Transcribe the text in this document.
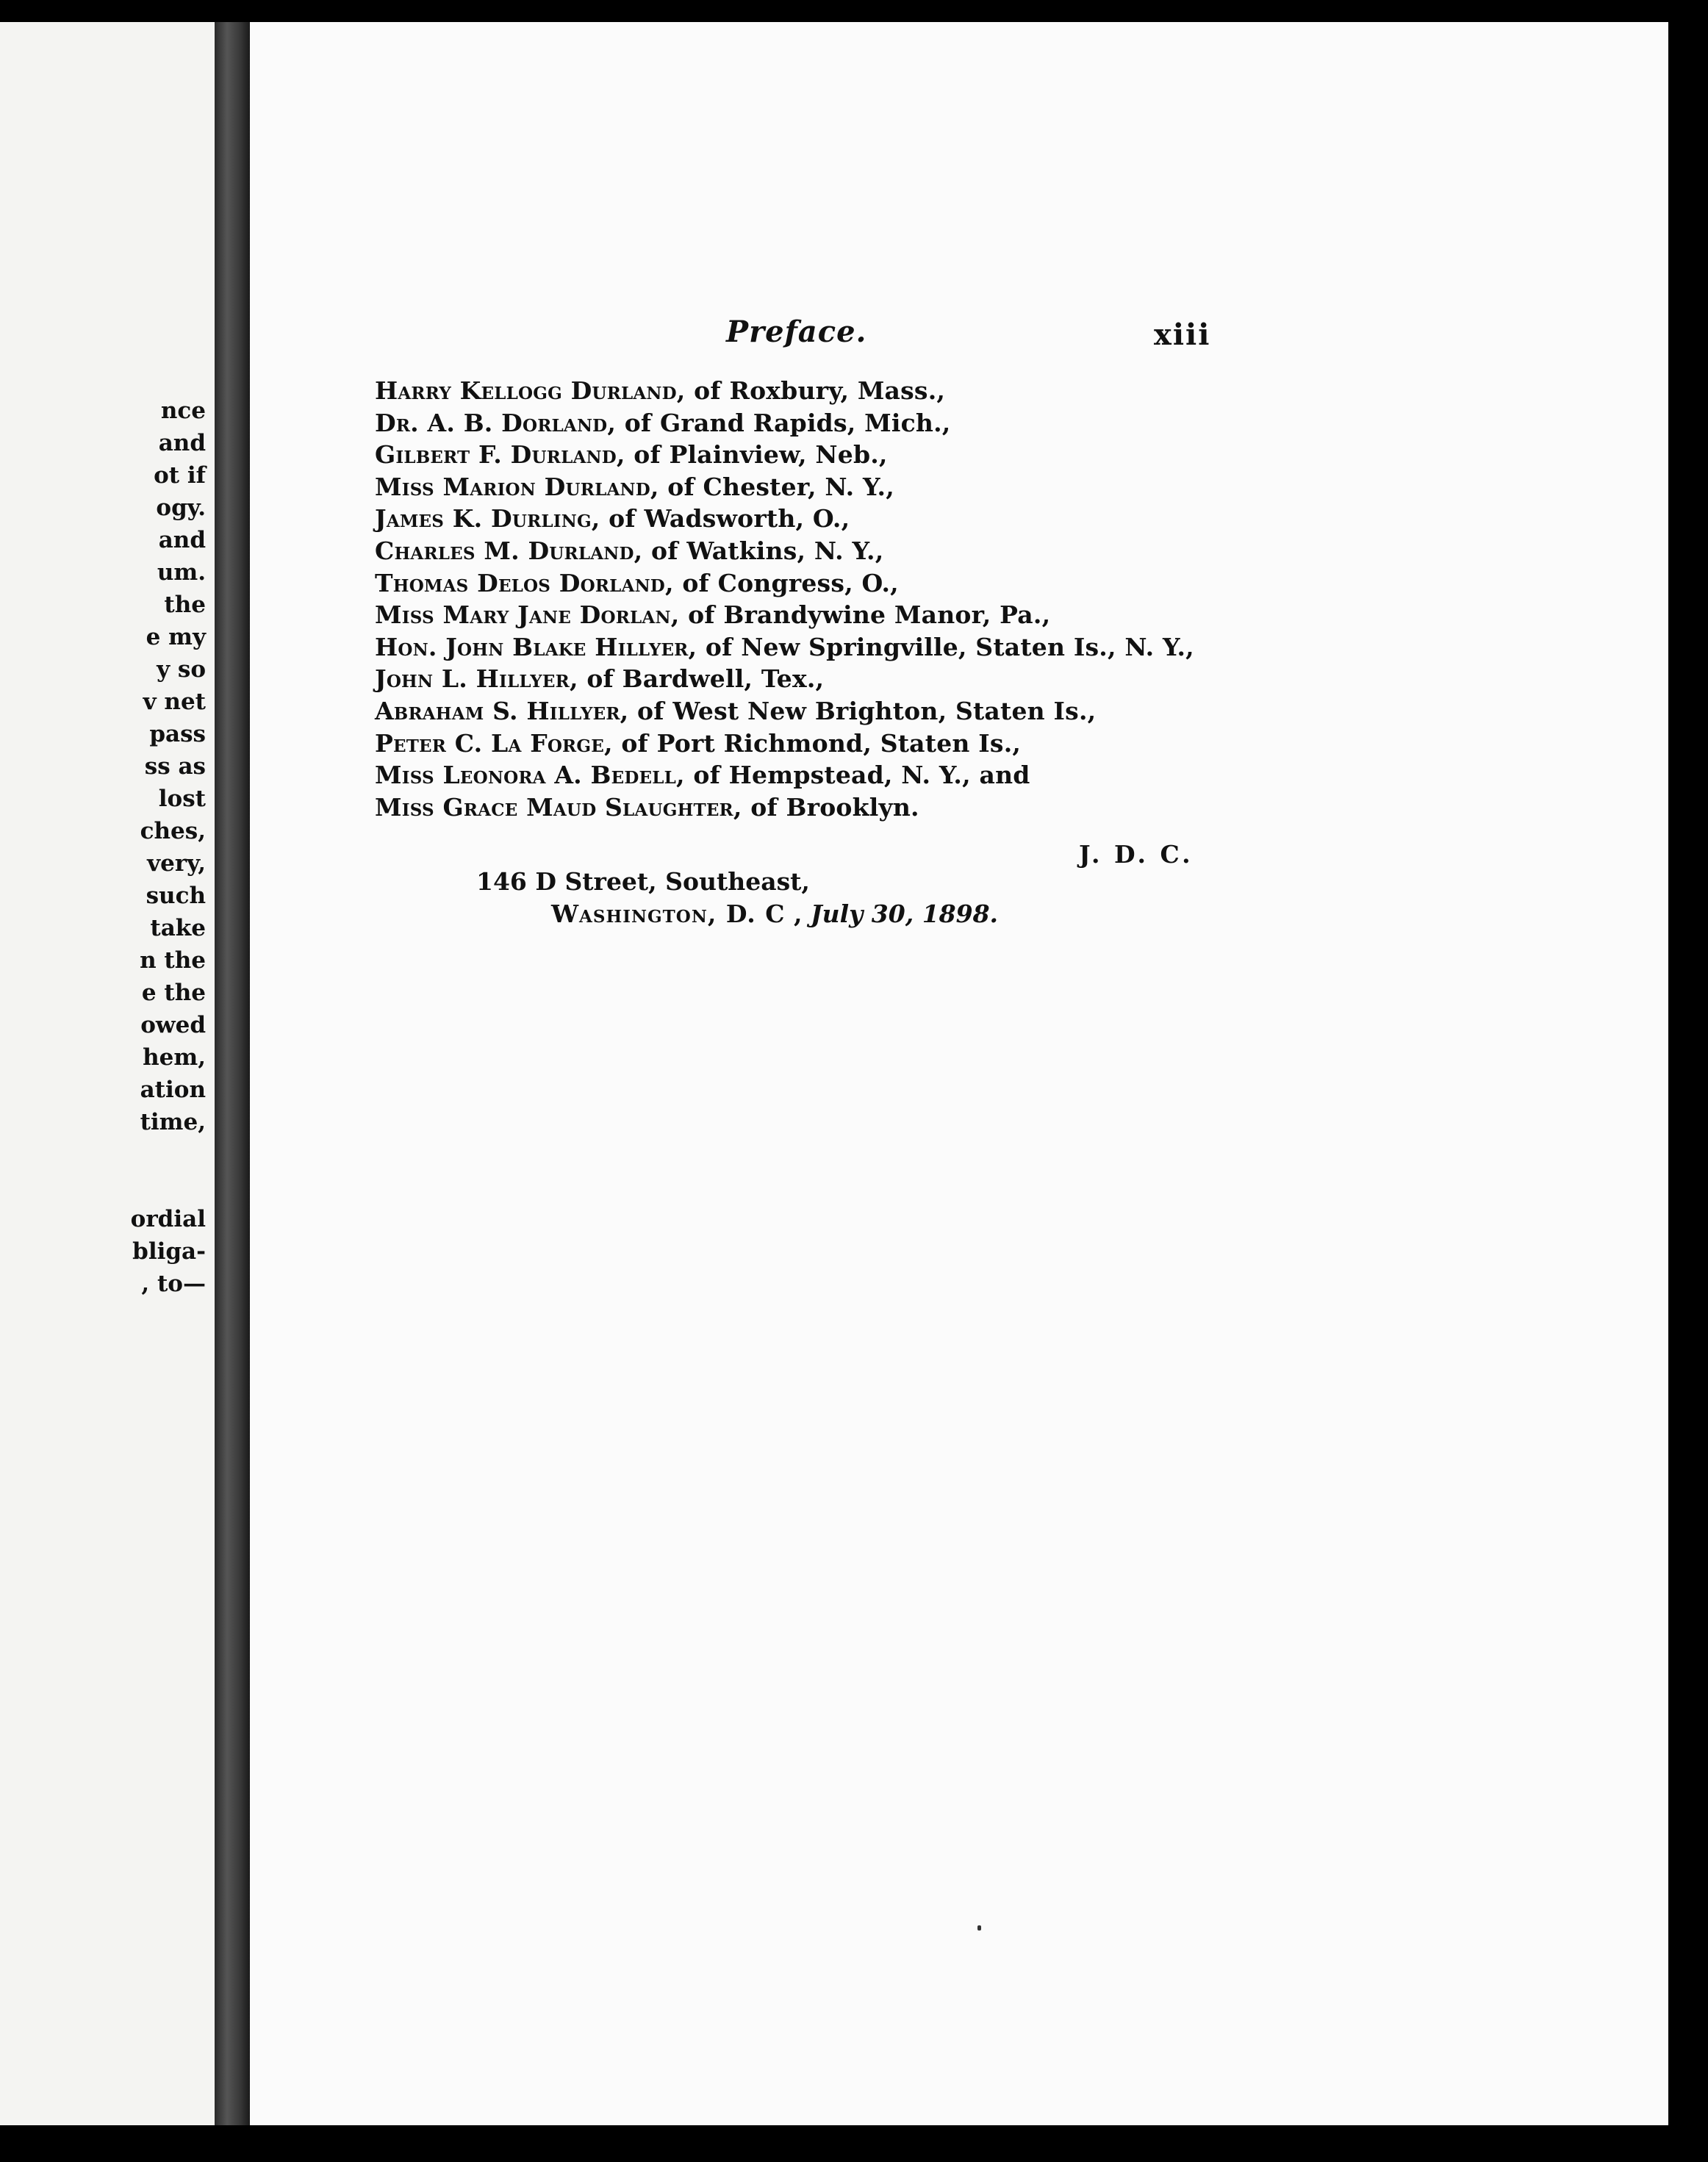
nce
and
ot if
ogy.
and
um.
the
e my
y so
v net
pass
ss as
lost
ches,
very,
such
take
n the
e the
owed
hem,
ation
time,
ordial
bliga-
, to—
Preface.	xiii
Harry Kellogg Durland, of Roxbury, Mass.,
Dr. A. B. Dorland, of Grand Rapids, Mich.,
Gilbert F. Durland, of Plainview, Neb.,
Miss Marion Durland, of Chester, N. Y.,
James K. Durling, of Wadsworth, O.,
Charles M. Durland, of Watkins, N. Y.,
Thomas Delos Dorland, of Congress, O.,
Miss Mary Jane Dorlan, of Brandywine Manor, Pa.,
Hon. John Blake Hillyer, of New Springville, Staten Is., N. Y.,
John L. Hillyer, of Bardwell, Tex.,
Abraham S. Hillyer, of West New Brighton, Staten Is.,
Peter C. La Forge, of Port Richmond, Staten Is.,
Miss Leonora A. Bedell, of Hempstead, N. Y., and
Miss Grace Maud Slaughter, of Brooklyn.
J. D. C.
146 D Street, Southeast,
Washington, D. C , July 30, 1898.
